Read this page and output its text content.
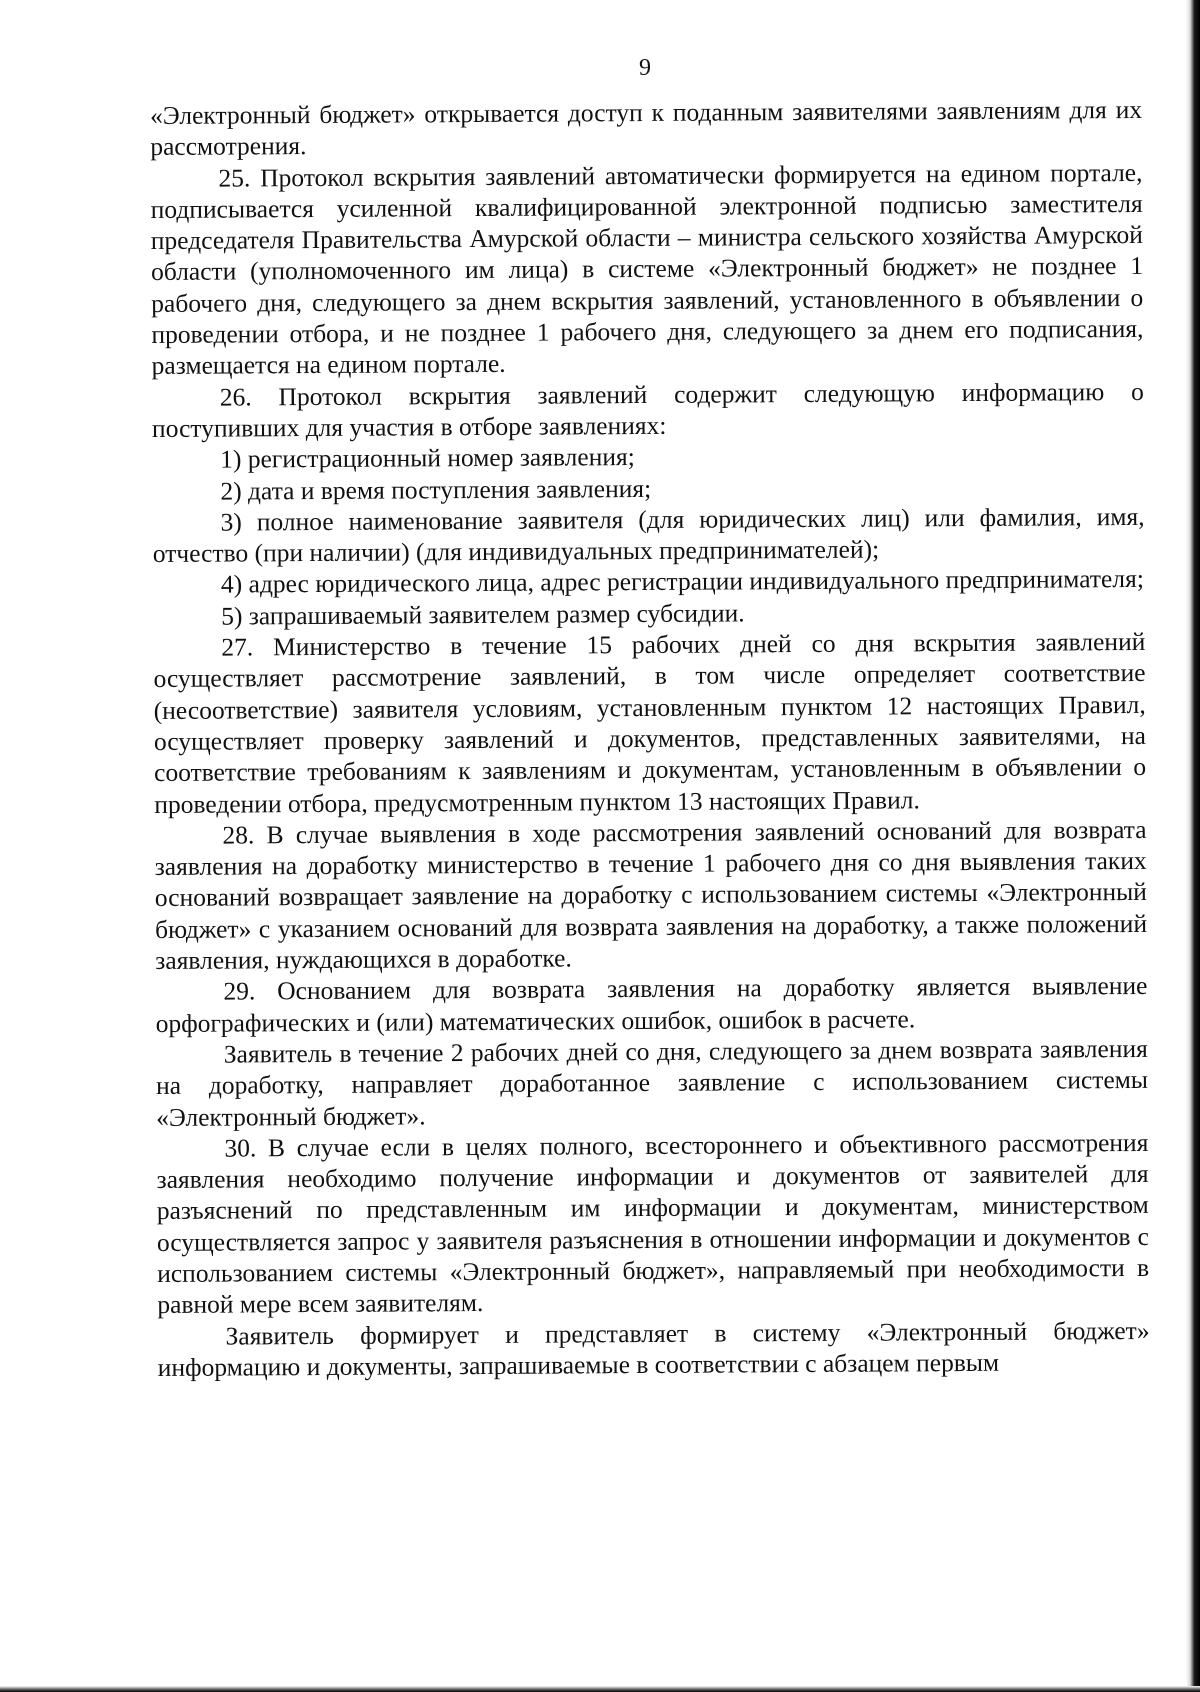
9

«Электронный бюджет» открывается доступ к поданным заявителями заявлениям для их рассмотрения.

25. Протокол вскрытия заявлений автоматически формируется на едином портале, подписывается усиленной квалифицированной электронной подписью заместителя председателя Правительства Амурской области – министра сельского хозяйства Амурской области (уполномоченного им лица) в системе «Электронный бюджет» не позднее 1 рабочего дня, следующего за днем вскрытия заявлений, установленного в объявлении о проведении отбора, и не позднее 1 рабочего дня, следующего за днем его подписания, размещается на едином портале.

26. Протокол вскрытия заявлений содержит следующую информацию о поступивших для участия в отборе заявлениях:

1) регистрационный номер заявления;

2) дата и время поступления заявления;

3) полное наименование заявителя (для юридических лиц) или фамилия, имя, отчество (при наличии) (для индивидуальных предпринимателей);

4) адрес юридического лица, адрес регистрации индивидуального предпринимателя;

5) запрашиваемый заявителем размер субсидии.

27. Министерство в течение 15 рабочих дней со дня вскрытия заявлений осуществляет рассмотрение заявлений, в том числе определяет соответствие (несоответствие) заявителя условиям, установленным пунктом 12 настоящих Правил, осуществляет проверку заявлений и документов, представленных заявителями, на соответствие требованиям к заявлениям и документам, установленным в объявлении о проведении отбора, предусмотренным пунктом 13 настоящих Правил.

28. В случае выявления в ходе рассмотрения заявлений оснований для возврата заявления на доработку министерство в течение 1 рабочего дня со дня выявления таких оснований возвращает заявление на доработку с использованием системы «Электронный бюджет» с указанием оснований для возврата заявления на доработку, а также положений заявления, нуждающихся в доработке.

29. Основанием для возврата заявления на доработку является выявление орфографических и (или) математических ошибок, ошибок в расчете.

Заявитель в течение 2 рабочих дней со дня, следующего за днем возврата заявления на доработку, направляет доработанное заявление с использованием системы «Электронный бюджет».

30. В случае если в целях полного, всестороннего и объективного рассмотрения заявления необходимо получение информации и документов от заявителей для разъяснений по представленным им информации и документам, министерством осуществляется запрос у заявителя разъяснения в отношении информации и документов с использованием системы «Электронный бюджет», направляемый при необходимости в равной мере всем заявителям.

Заявитель формирует и представляет в систему «Электронный бюджет» информацию и документы, запрашиваемые в соответствии с абзацем первым
